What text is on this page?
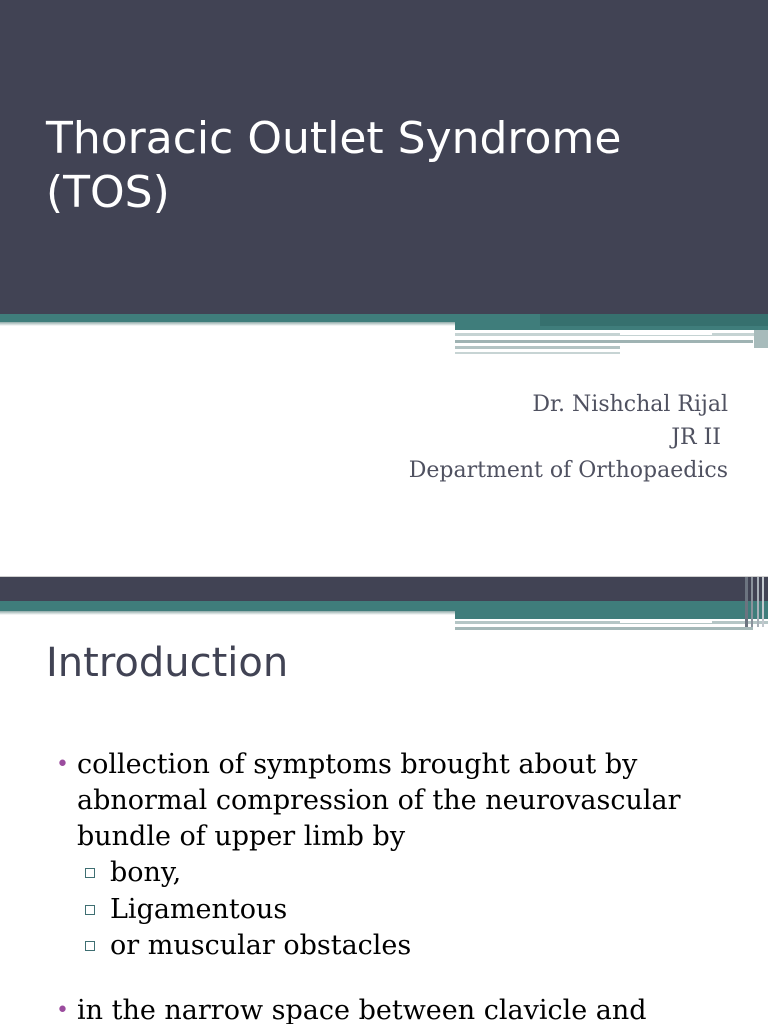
Thoracic Outlet Syndrome
(TOS)
Dr. Nishchal Rijal
JR II
Department of Orthopaedics
Introduction
• collection of symptoms brought about by abnormal compression of the neurovascular bundle of upper limb by
bony,
Ligamentous
or muscular obstacles
• in the narrow space between clavicle and
